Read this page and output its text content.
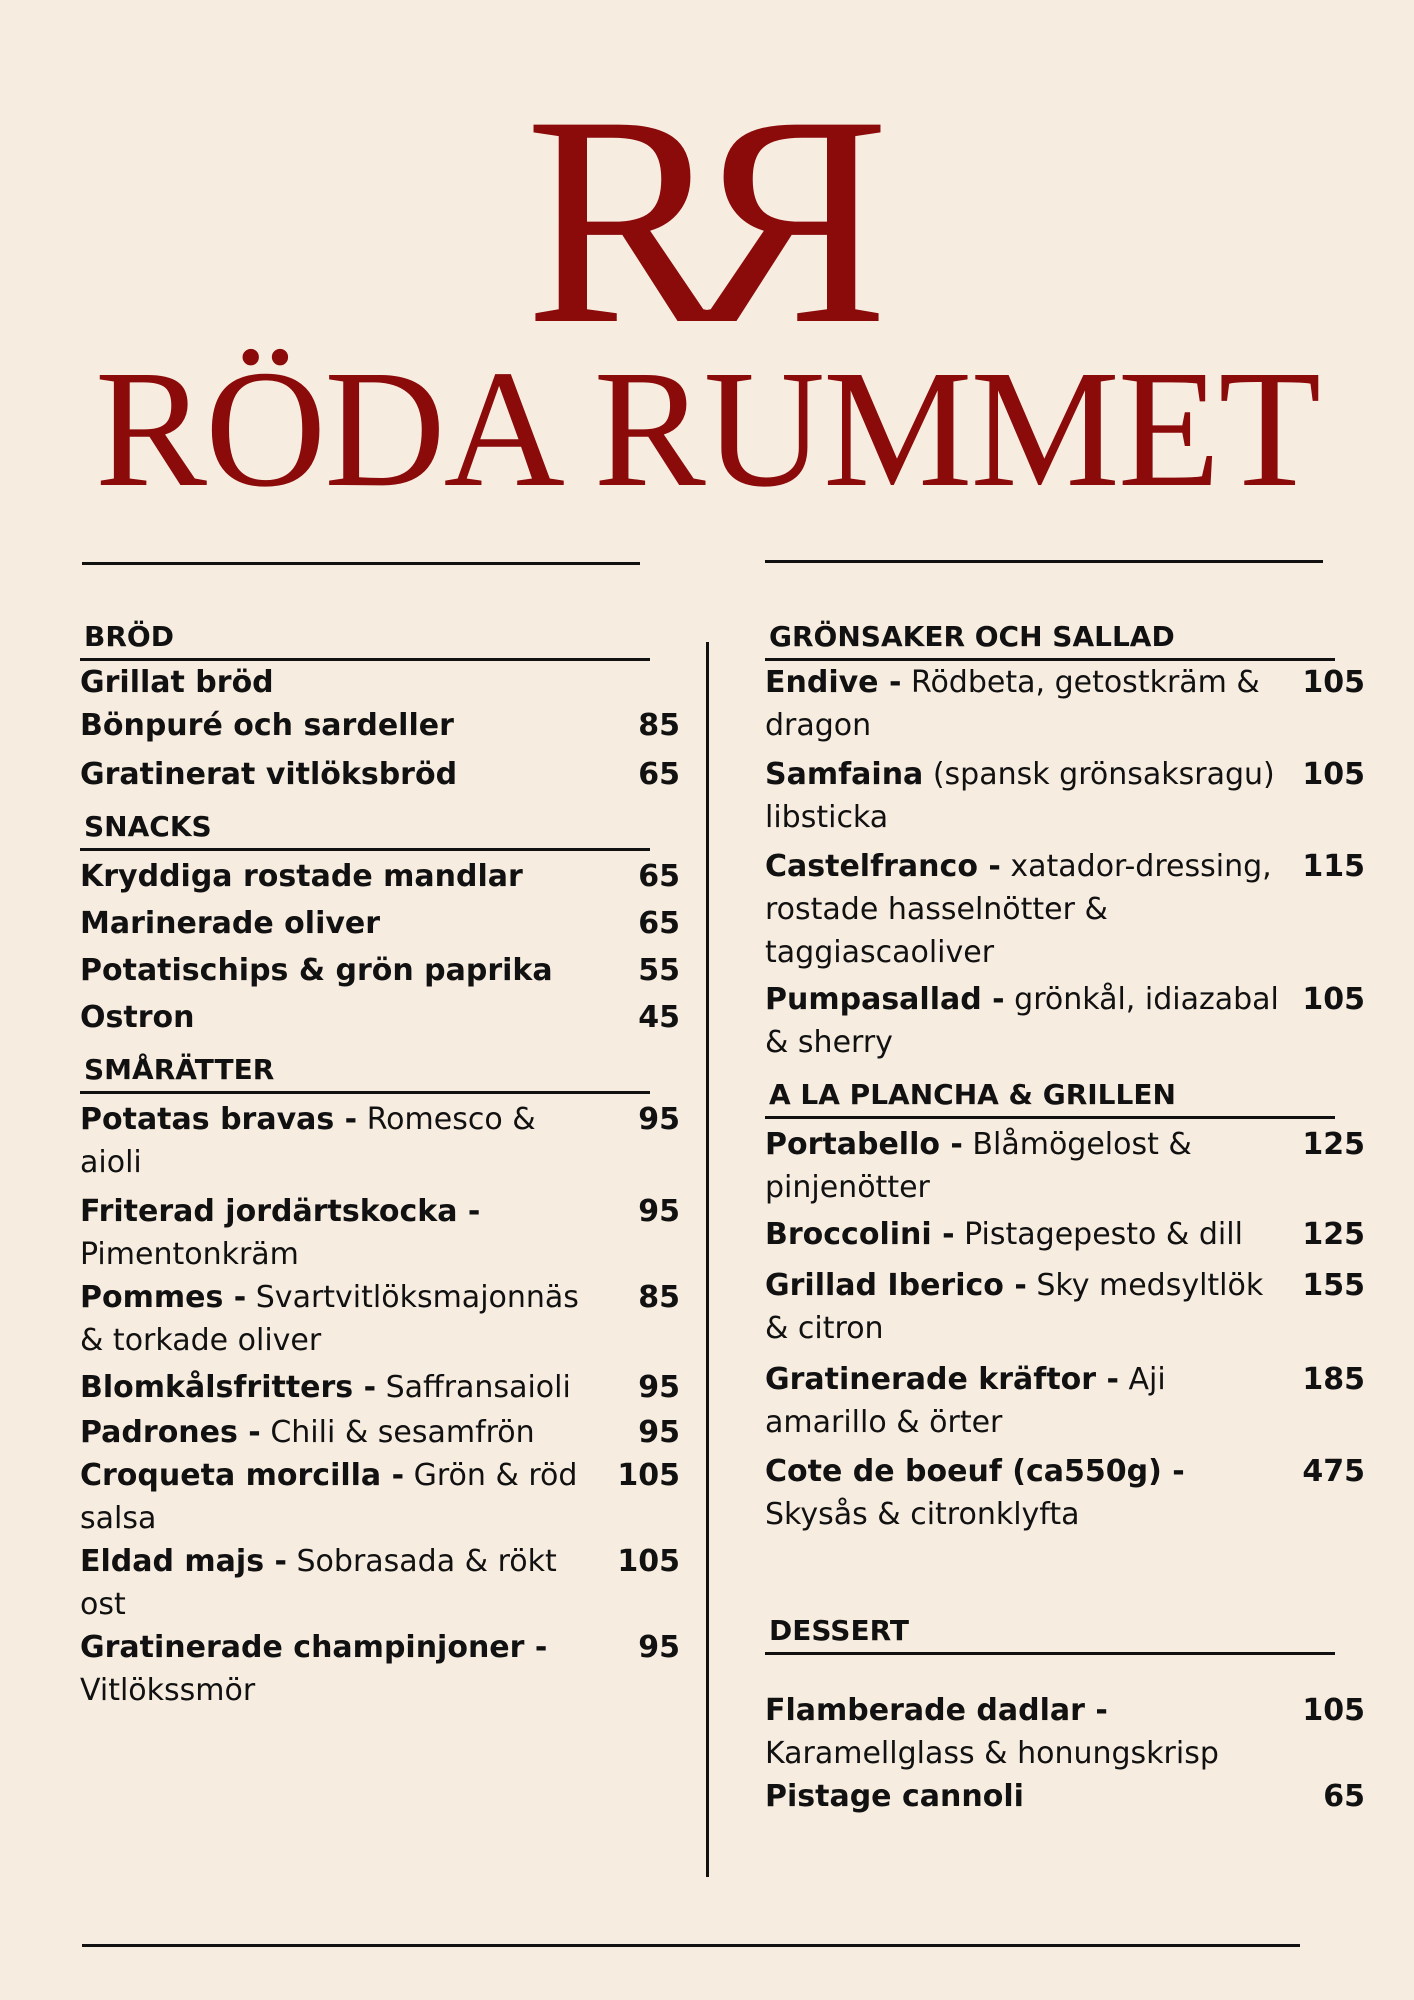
RR
RÖDA RUMMET
BRÖD
Grillat bröd
Bönpuré och sardeller	85
Gratinerat vitlöksbröd	65
SNACKS
Kryddiga rostade mandlar	65
Marinerade oliver	65
Potatischips & grön paprika	55
Ostron	45
SMÅRÄTTER
Potatas bravas - Romesco & aioli
95
Friterad jordärtskocka - Pimentonkräm
95
Pommes - Svartvitlöksmajonnäs & torkade oliver
85
Blomkålsfritters - Saffransaioli 95
Padrones - Chili & sesamfrön	95
Croqueta morcilla - Grön & röd salsa
105
Eldad majs - Sobrasada & rökt ost
105
Gratinerade champinjoner - Vitlökssmör
95
GRÖNSAKER OCH SALLAD
Endive - Rödbeta, getostkräm & dragon
105
Samfaina (spansk grönsaksragu) libsticka
105
Castelfranco - xatador-dressing, rostade hasselnötter & taggiascaoliver
115
Pumpasallad - grönkål, idiazabal & sherry
105
A LA PLANCHA & GRILLEN
Portabello - Blåmögelost & pinjenötter
125
Broccolini - Pistagepesto & dill 125
Grillad Iberico - Sky medsyltlök & citron
155
Gratinerade kräftor - Aji amarillo & örter
185
Cote de boeuf (ca550g) - Skysås & citronklyfta
475
DESSERT
Flamberade dadlar - Karamellglass & honungskrisp
105
Pistage cannoli	65
